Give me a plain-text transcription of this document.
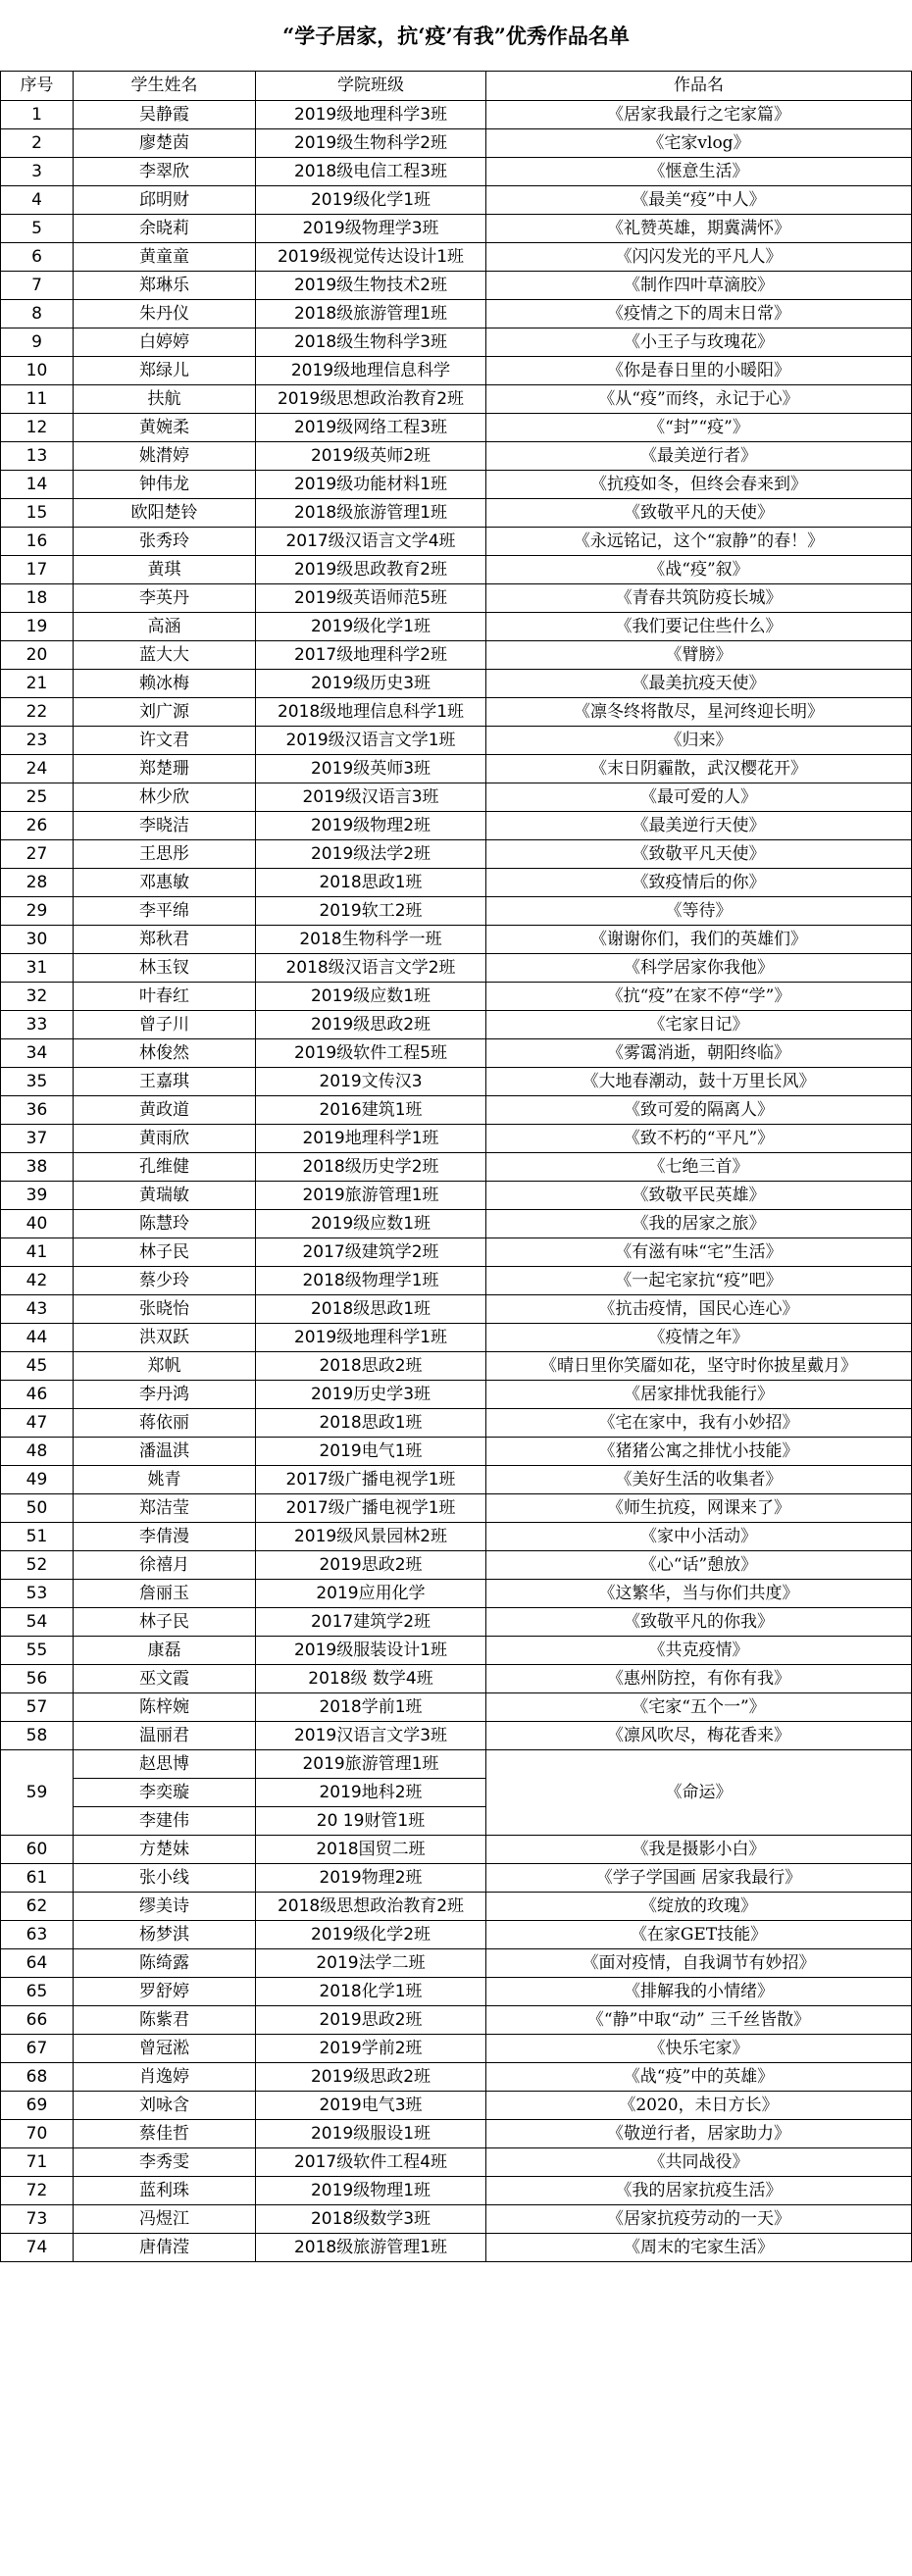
“学子居家，抗‘疫’有我”优秀作品名单
序号	学生姓名	学院班级	作品名
1	吴静霞	2019级地理科学3班	《居家我最行之宅家篇》
2	廖楚茵	2019级生物科学2班	《宅家vlog》
3	李翠欣	2018级电信工程3班	《惬意生活》
4	邱明财	2019级化学1班	《最美“疫”中人》
5	余晓莉	2019级物理学3班	《礼赞英雄，期冀满怀》
6	黄童童	2019级视觉传达设计1班	《闪闪发光的平凡人》
7	郑琳乐	2019级生物技术2班	《制作四叶草滴胶》
8	朱丹仪	2018级旅游管理1班	《疫情之下的周末日常》
9	白婷婷	2018级生物科学3班	《小王子与玫瑰花》
10	郑绿儿	2019级地理信息科学	《你是春日里的小暖阳》
11	扶航	2019级思想政治教育2班	《从“疫”而终，永记于心》
12	黄婉柔	2019级网络工程3班	《“封”“疫”》
13	姚潸婷	2019级英师2班	《最美逆行者》
14	钟伟龙	2019级功能材料1班	《抗疫如冬，但终会春来到》
15	欧阳楚铃	2018级旅游管理1班	《致敬平凡的天使》
16	张秀玲	2017级汉语言文学4班	《永远铭记，这个“寂静”的春！》
17	黄琪	2019级思政教育2班	《战“疫”叙》
18	李英丹	2019级英语师范5班	《青春共筑防疫长城》
19	高涵	2019级化学1班	《我们要记住些什么》
20	蓝大大	2017级地理科学2班	《臂膀》
21	赖冰梅	2019级历史3班	《最美抗疫天使》
22	刘广源	2018级地理信息科学1班	《凛冬终将散尽，星河终迎长明》
23	许文君	2019级汉语言文学1班	《归来》
24	郑楚珊	2019级英师3班	《末日阴霾散，武汉樱花开》
25	林少欣	2019级汉语言3班	《最可爱的人》
26	李晓洁	2019级物理2班	《最美逆行天使》
27	王思彤	2019级法学2班	《致敬平凡天使》
28	邓惠敏	2018思政1班	《致疫情后的你》
29	李平绵	2019软工2班	《等待》
30	郑秋君	2018生物科学一班	《谢谢你们，我们的英雄们》
31	林玉钗	2018级汉语言文学2班	《科学居家你我他》
32	叶春红	2019级应数1班	《抗“疫”在家不停“学”》
33	曾子川	2019级思政2班	《宅家日记》
34	林俊然	2019级软件工程5班	《雾霭消逝，朝阳终临》
35	王嘉琪	2019文传汉3	《大地春潮动，鼓十万里长风》
36	黄政道	2016建筑1班	《致可爱的隔离人》
37	黄雨欣	2019地理科学1班	《致不朽的“平凡”》
38	孔维健	2018级历史学2班	《七绝三首》
39	黄瑞敏	2019旅游管理1班	《致敬平民英雄》
40	陈慧玲	2019级应数1班	《我的居家之旅》
41	林子民	2017级建筑学2班	《有滋有味“宅”生活》
42	蔡少玲	2018级物理学1班	《一起宅家抗“疫”吧》
43	张晓怡	2018级思政1班	《抗击疫情，国民心连心》
44	洪双跃	2019级地理科学1班	《疫情之年》
45	郑帆	2018思政2班	《晴日里你笑靥如花，坚守时你披星戴月》
46	李丹鸿	2019历史学3班	《居家排忧我能行》
47	蒋依丽	2018思政1班	《宅在家中，我有小妙招》
48	潘温淇	2019电气1班	《猪猪公寓之排忧小技能》
49	姚青	2017级广播电视学1班	《美好生活的收集者》
50	郑洁莹	2017级广播电视学1班	《师生抗疫，网课来了》
51	李倩漫	2019级风景园林2班	《家中小活动》
52	徐禧月	2019思政2班	《心“话”憩放》
53	詹丽玉	2019应用化学	《这繁华，当与你们共度》
54	林子民	2017建筑学2班	《致敬平凡的你我》
55	康磊	2019级服装设计1班	《共克疫情》
56	巫文霞	2018级 数学4班	《惠州防控，有你有我》
57	陈梓婉	2018学前1班	《宅家“五个一”》
58	温丽君	2019汉语言文学3班	《凛风吹尽，梅花香来》
59	赵思博	2019旅游管理1班	《命运》
	李奕璇	2019地科2班	
	李建伟	20 19财管1班	
60	方楚妹	2018国贸二班	《我是摄影小白》
61	张小线	2019物理2班	《学子学国画 居家我最行》
62	缪美诗	2018级思想政治教育2班	《绽放的玫瑰》
63	杨梦淇	2019级化学2班	《在家GET技能》
64	陈绮露	2019法学二班	《面对疫情，自我调节有妙招》
65	罗舒婷	2018化学1班	《排解我的小情绪》
66	陈紫君	2019思政2班	《“静”中取“动” 三千丝皆散》
67	曾冠淞	2019学前2班	《快乐宅家》
68	肖逸婷	2019级思政2班	《战“疫”中的英雄》
69	刘咏含	2019电气3班	《2020，未日方长》
70	蔡佳哲	2019级服设1班	《敬逆行者，居家助力》
71	李秀雯	2017级软件工程4班	《共同战役》
72	蓝利珠	2019级物理1班	《我的居家抗疫生活》
73	冯煜江	2018级数学3班	《居家抗疫劳动的一天》
74	唐倩滢	2018级旅游管理1班	《周末的宅家生活》
